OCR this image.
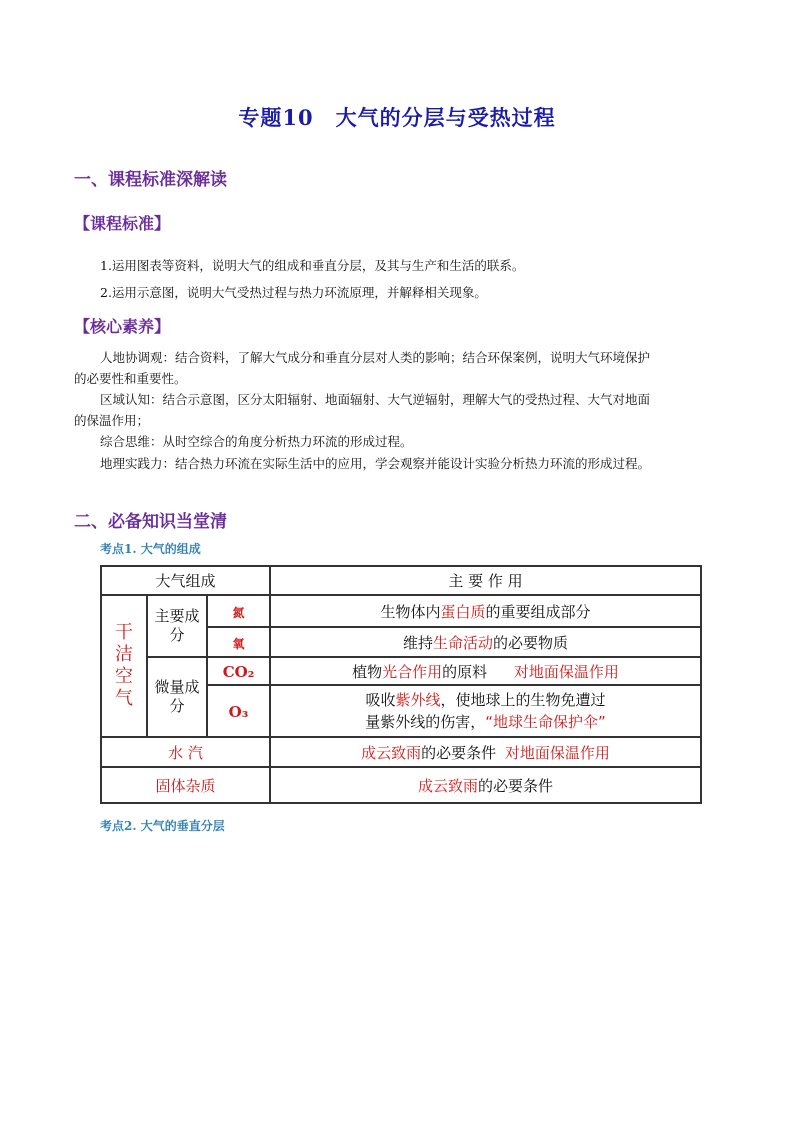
专题10　大气的分层与受热过程
一、课程标准深解读
【课程标准】
1.运用图表等资料，说明大气的组成和垂直分层，及其与生产和生活的联系。
2.运用示意图，说明大气受热过程与热力环流原理，并解释相关现象。
【核心素养】
人地协调观：结合资料，了解大气成分和垂直分层对人类的影响；结合环保案例，说明大气环境保护
的必要性和重要性。
区域认知：结合示意图，区分太阳辐射、地面辐射、大气逆辐射，理解大气的受热过程、大气对地面
的保温作用；
综合思维：从时空综合的角度分析热力环流的形成过程。
地理实践力：结合热力环流在实际生活中的应用，学会观察并能设计实验分析热力环流的形成过程。
二、必备知识当堂清
考点1. 大气的组成
大气组成			主 要 作 用

干洁空气	主要成分	氮	生物体内蛋白质的重要组成部分
		氧	维持生命活动的必要物质

	微量成分	CO₂	植物光合作用的原料 对地面保温作用
		O₃	吸收紫外线，使地球上的生物免遭过
量紫外线的伤害，“地球生命保护伞”

水 汽			成云致雨的必要条件 对地面保温作用
固体杂质			成云致雨的必要条件
考点2. 大气的垂直分层
